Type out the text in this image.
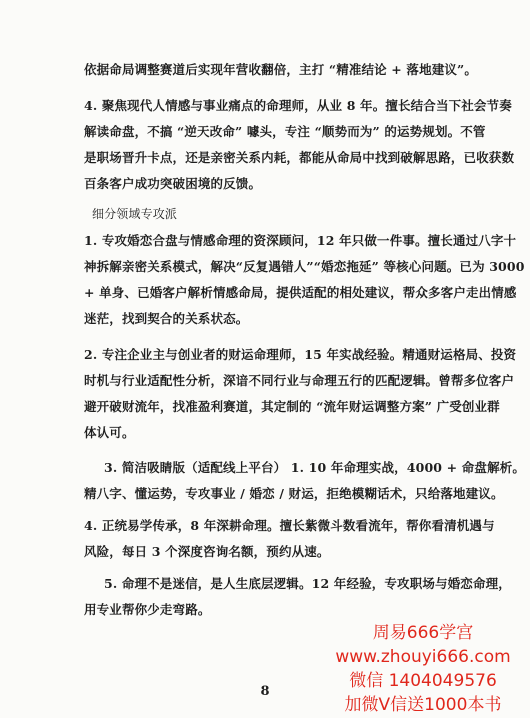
依据命局调整赛道后实现年营收翻倍，主打 “精准结论 + 落地建议”。
4. 聚焦现代人情感与事业痛点的命理师，从业 8 年。擅长结合当下社会节奏
解读命盘，不搞 “逆天改命” 噱头，专注 “顺势而为” 的运势规划。不管
是职场晋升卡点，还是亲密关系内耗，都能从命局中找到破解思路，已收获数
百条客户成功突破困境的反馈。
细分领域专攻派
1. 专攻婚恋合盘与情感命理的资深顾问，12 年只做一件事。擅长通过八字十
神拆解亲密关系模式，解决“反复遇错人”“婚恋拖延” 等核心问题。已为 3000
+ 单身、已婚客户解析情感命局，提供适配的相处建议，帮众多客户走出情感
迷茫，找到契合的关系状态。
2. 专注企业主与创业者的财运命理师，15 年实战经验。精通财运格局、投资
时机与行业适配性分析，深谙不同行业与命理五行的匹配逻辑。曾帮多位客户
避开破财流年，找准盈利赛道，其定制的 “流年财运调整方案” 广受创业群
体认可。
3. 简洁吸睛版（适配线上平台） 1. 10 年命理实战，4000 + 命盘解析。
精八字、懂运势，专攻事业 / 婚恋 / 财运，拒绝模糊话术，只给落地建议。
4. 正统易学传承，8 年深耕命理。擅长紫微斗数看流年，帮你看清机遇与
风险，每日 3 个深度咨询名额，预约从速。
5. 命理不是迷信，是人生底层逻辑。12 年经验，专攻职场与婚恋命理，
用专业帮你少走弯路。
8
周易666学宫
www.zhouyi666.com
微信 1404049576
加微V信送1000本书
